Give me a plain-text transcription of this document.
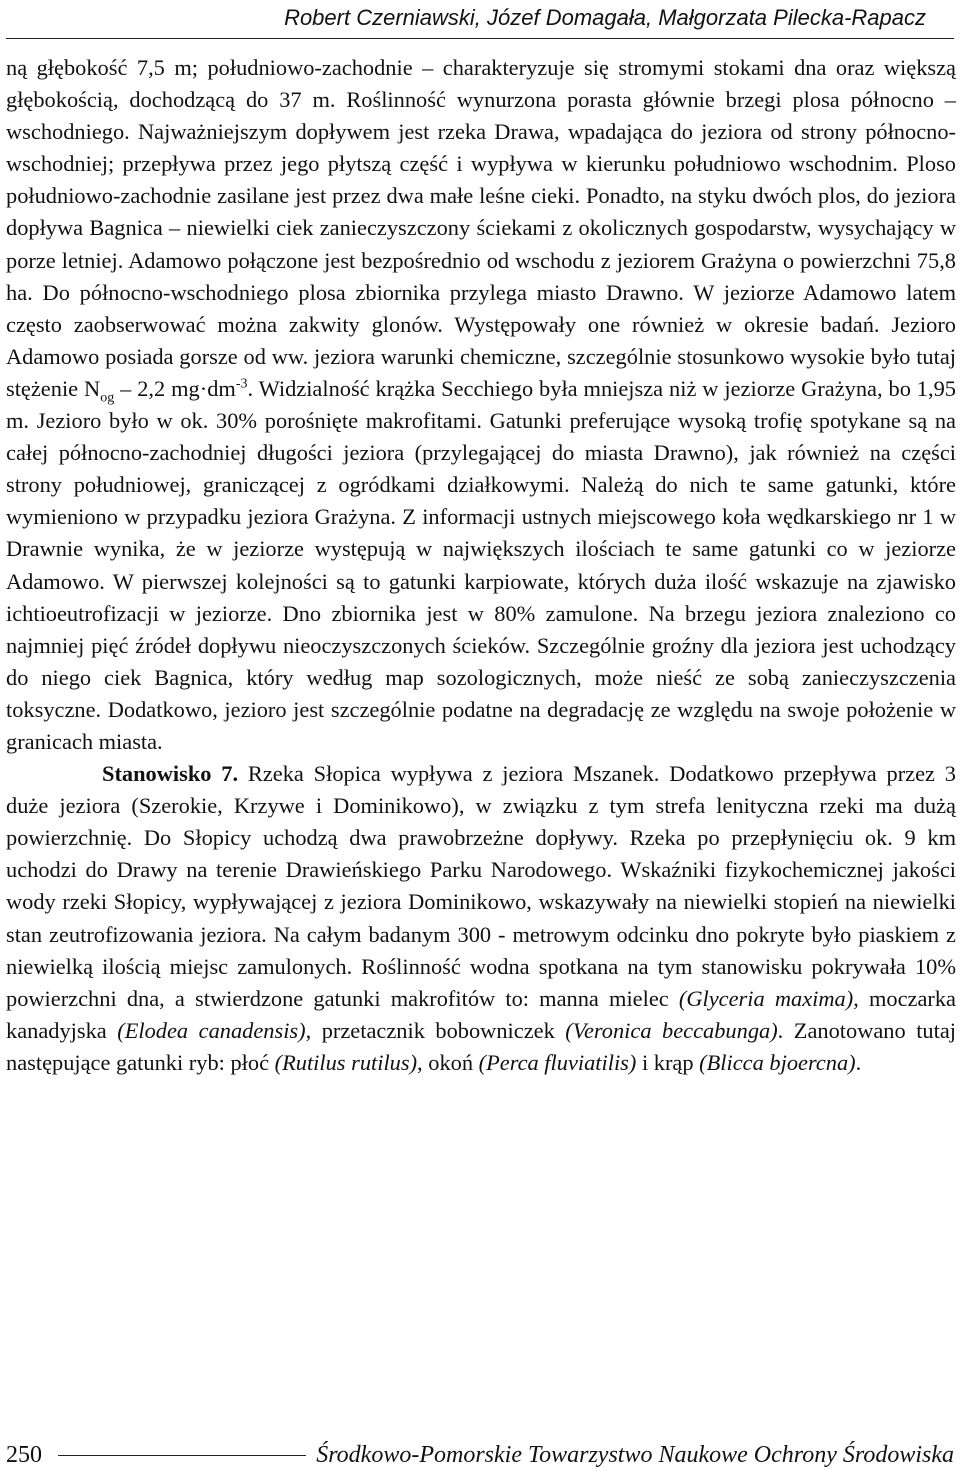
Robert Czerniawski, Józef Domagała, Małgorzata Pilecka-Rapacz

ną głębokość 7,5 m; południowo-zachodnie – charakteryzuje się stromymi stokami dna oraz większą głębokością, dochodzącą do 37 m. Roślinność wynurzona porasta głównie brzegi plosa północno – wschodniego. Najważniejszym dopływem jest rzeka Drawa, wpadająca do jeziora od strony północno-wschodniej; przepływa przez jego płytszą część i wypływa w kierunku południowo wschodnim. Ploso południowo-zachodnie zasilane jest przez dwa małe leśne cieki. Ponadto, na styku dwóch plos, do jeziora dopływa Bagnica – niewielki ciek zanieczyszczony ściekami z okolicznych gospodarstw, wysychający w porze letniej. Adamowo połączone jest bezpośrednio od wschodu z jeziorem Grażyna o powierzchni 75,8 ha. Do północno-wschodniego plosa zbiornika przylega miasto Drawno. W jeziorze Adamowo latem często zaobserwować można zakwity glonów. Występowały one również w okresie badań. Jezioro Adamowo posiada gorsze od ww. jeziora warunki chemiczne, szczególnie stosunkowo wysokie było tutaj stężenie $N_{og} - 2,2$ $mg\cdot dm^{-3}$. Widzialność krążka Secchiego była mniejsza niż w jeziorze Grażyna, bo 1,95 m. Jezioro było w ok. 30% porośnięte makrofitami. Gatunki preferujące wysoką trofię spotykane są na całej północno-zachodniej długości jeziora (przylegającej do miasta Drawno), jak również na części strony południowej, graniczącej z ogródkami działkowymi. Należą do nich te same gatunki, które wymieniono w przypadku jeziora Grażyna. Z informacji ustnych miejscowego koła wędkarskiego nr 1 w Drawnie wynika, że w jeziorze występują w największych ilościach te same gatunki co w jeziorze Adamowo. W pierwszej kolejności są to gatunki karpiowate, których duża ilość wskazuje na zjawisko ichtioeutrofizacji w jeziorze. Dno zbiornika jest w 80% zamulone. Na brzegu jeziora znaleziono co najmniej pięć źródeł dopływu nieoczyszczonych ścieków. Szczególnie groźny dla jeziora jest uchodzący do niego ciek Bagnica, który według map sozologicznych, może nieść ze sobą zanieczyszczenia toksyczne. Dodatkowo, jezioro jest szczególnie podatne na degradację ze względu na swoje położenie w granicach miasta.

Stanowisko 7. Rzeka Słopica wypływa z jeziora Mszanek. Dodatkowo przepływa przez 3 duże jeziora (Szerokie, Krzywe i Dominikowo), w związku z tym strefa lenityczna rzeki ma dużą powierzchnię. Do Słopicy uchodzą dwa prawobrzeżne dopływy. Rzeka po przepłynięciu ok. 9 km uchodzi do Drawy na terenie Drawieńskiego Parku Narodowego. Wskaźniki fizykochemicznej jakości wody rzeki Słopicy, wypływającej z jeziora Dominikowo, wskazywały na niewielki stopień na niewielki stan zeutrofizowania jeziora. Na całym badanym 300 - metrowym odcinku dno pokryte było piaskiem z niewielką ilością miejsc zamulonych. Roślinność wodna spotkana na tym stanowisku pokrywała 10% powierzchni dna, a stwierdzone gatunki makrofitów to: manna mielec (Glyceria maxima), moczarka kanadyjska (Elodea canadensis), przetacznik bobowniczek (Veronica beccabunga). Zanotowano tutaj następujące gatunki ryb: płoć (Rutilus rutilus), okoń (Perca fluviatilis) i krąp (Blicca bjoercna).

250	Środkowo-Pomorskie Towarzystwo Naukowe Ochrony Środowiska
